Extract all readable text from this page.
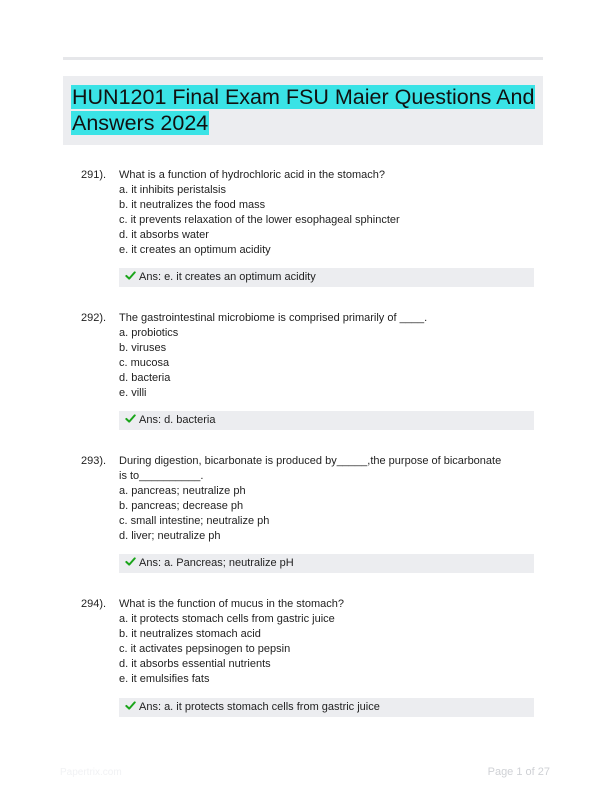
HUN1201 Final Exam FSU Maier Questions And Answers 2024
291). What is a function of hydrochloric acid in the stomach?

a. it inhibits peristalsis
b. it neutralizes the food mass
c. it prevents relaxation of the lower esophageal sphincter
d. it absorbs water
e. it creates an optimum acidity
Ans: e. it creates an optimum acidity
292). The gastrointestinal microbiome is comprised primarily of ____.

a. probiotics
b. viruses
c. mucosa
d. bacteria
e. villi
Ans: d. bacteria
293). During digestion, bicarbonate is produced by_____,the purpose of bicarbonate is to__________.

a. pancreas; neutralize ph
b. pancreas; decrease ph
c. small intestine; neutralize ph
d. liver; neutralize ph
Ans: a. Pancreas; neutralize pH
294). What is the function of mucus in the stomach?

a. it protects stomach cells from gastric juice
b. it neutralizes stomach acid
c. it activates pepsinogen to pepsin
d. it absorbs essential nutrients
e. it emulsifies fats
Ans: a. it protects stomach cells from gastric juice
Papertrix.com	Page 1 of 27
